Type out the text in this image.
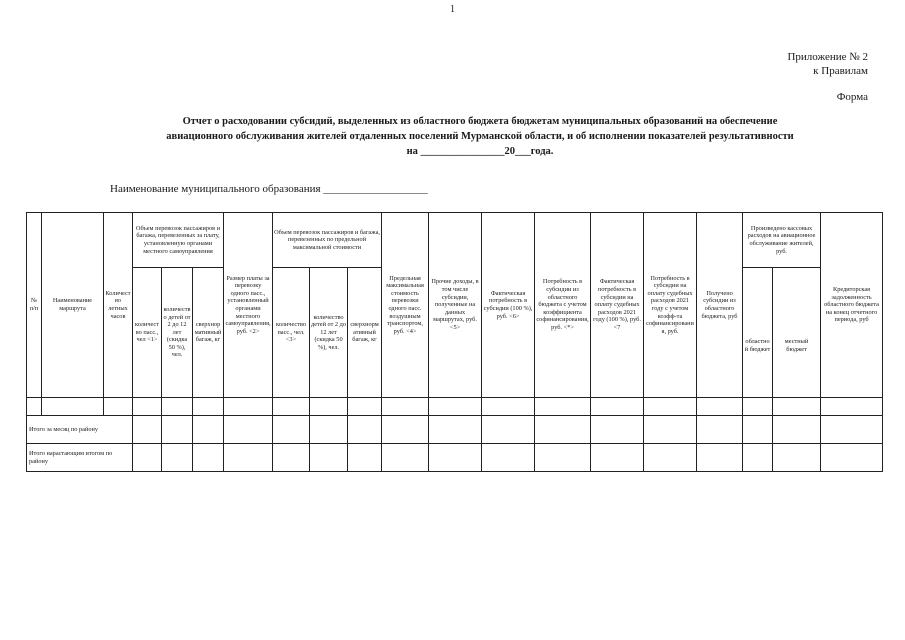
1
Приложение № 2
к Правилам
Форма
Отчет о расходовании субсидий, выделенных из областного бюджета бюджетам муниципальных образований на обеспечение
авиационного обслуживания жителей отдаленных поселений Мурманской области, и об исполнении показателей результативности
на ________________20___года.
Наименование муниципального образования ___________________
№ п/п	Наименование маршрута	Количество летных часов	Объем перевозок пассажиров и багажа, перевезенных за плату, установленную органами местного самоуправления			Размер платы за перевозку одного пасс., установленный органами местного самоуправления, руб. <2>	Объем перевозок пассажиров и багажа, перевезенных по предельной максимальной стоимости			Предельная максимальная стоимость перевозки одного пасс. воздушным транспортом, руб. <4>	Прочие доходы, в том числе субсидии, полученные на данных маршрутах, руб. <5>	Фактическая потребность в субсидии (100 %), руб. <6>	Потребность в субсидии из областного бюджета с учетом коэффициента софинансирования, руб. <*>	Фактическая потребность в субсидии на оплату судебных расходов 2021 году (100 %), руб. <7	Потребность в субсидии на оплату судебных расходов 2021 году с учетом коэфф-та софинансирования, руб.	Получено субсидии из областного бюджета, руб	Произведено кассовых расходов на авиационное обслуживание жителей, руб.		Кредиторская задолженность областного бюджета на конец отчетного периода, руб
			количество пасс., чел <1>	количество детей от 2 до 12 лет (скидка 50 %), чел.	сверхнормативный багаж, кг		количество пасс., чел. <3>	количество детей от 2 до 12 лет (скидка 50 %), чел.	сверхнормативный багаж, кг										
																	областной бюджет	местный бюджет	

Итого за месяц по району																			
Итого нарастающим итогом по району																			
